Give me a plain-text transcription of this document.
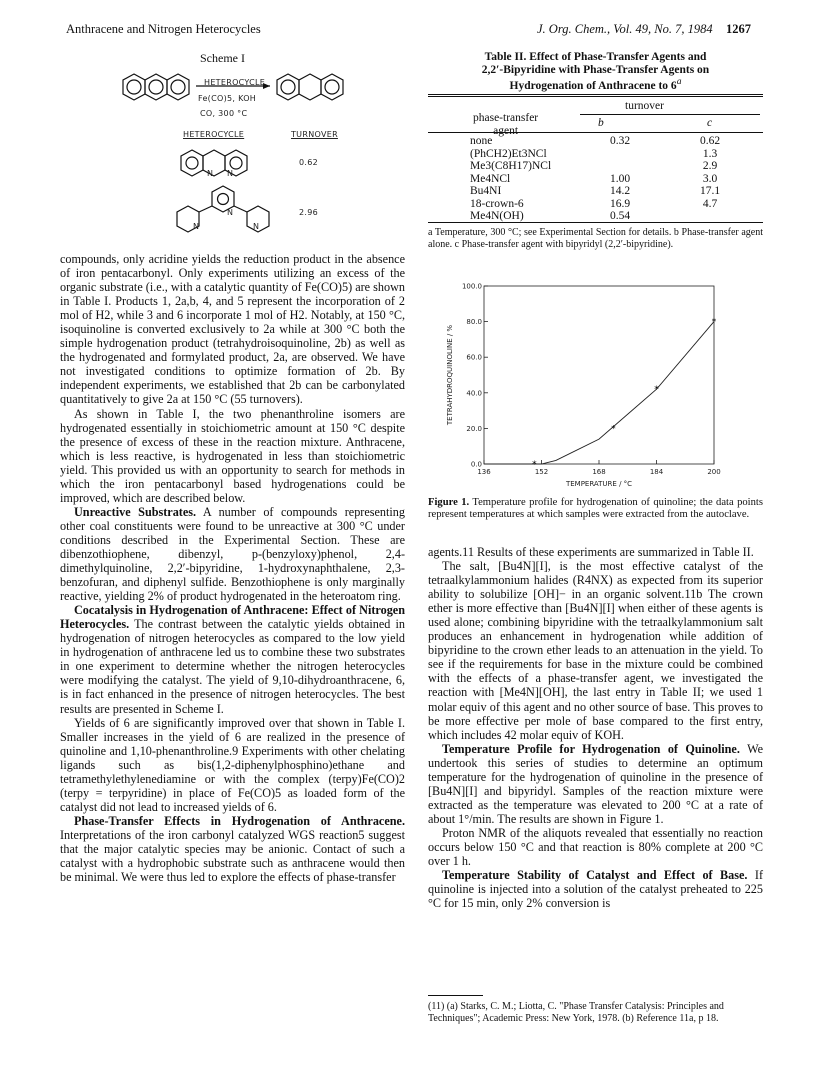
Anthracene and Nitrogen Heterocycles	J. Org. Chem., Vol. 49, No. 7, 1984 1267
Scheme I
HETEROCYCLE
Fe(CO)5, KOH
CO, 300 °C
HETEROCYCLE	TURNOVER
N N
0.62
N
N	N
2.96

compounds, only acridine yields the reduction product in the absence of iron pentacarbonyl. Only experiments utilizing an excess of the organic substrate (i.e., with a catalytic quantity of Fe(CO)5) are shown in Table I. Products 1, 2a,b, 4, and 5 represent the incorporation of 2 mol of H2, while 3 and 6 incorporate 1 mol of H2. Notably, at 150 °C, isoquinoline is converted exclusively to 2a while at 300 °C both the simple hydrogenation product (tetrahydroisoquinoline, 2b) as well as the hydrogenated and formylated product, 2a, are observed. We have not investigated conditions to optimize formation of 2b. By independent experiments, we established that 2b can be carbonylated quantitatively to give 2a at 150 °C (55 turnovers).

As shown in Table I, the two phenanthroline isomers are hydrogenated essentially in stoichiometric amount at 150 °C despite the presence of excess of these in the reaction mixture. Anthracene, which is less reactive, is hydrogenated in less than stoichiometric yield. This provided us with an opportunity to search for methods in which the iron pentacarbonyl based hydrogenations could be improved, which are described below.

Unreactive Substrates. A number of compounds representing other coal constituents were found to be unreactive at 300 °C under conditions described in the Experimental Section. These are dibenzothiophene, dibenzyl, p-(benzyloxy)phenol, 2,4-dimethylquinoline, 2,2′-bipyridine, 1-hydroxynaphthalene, 2,3-benzofuran, and diphenyl sulfide. Benzothiophene is only marginally reactive, yielding 2% of product hydrogenated in the heteroatom ring.

Cocatalysis in Hydrogenation of Anthracene: Effect of Nitrogen Heterocycles. The contrast between the catalytic yields obtained in hydrogenation of nitrogen heterocycles as compared to the low yield in hydrogenation of anthracene led us to combine these two substrates in one experiment to determine whether the nitrogen heterocycles were modifying the catalyst. The yield of 9,10-dihydroanthracene, 6, is in fact enhanced in the presence of nitrogen heterocycles. The best results are presented in Scheme I.

Yields of 6 are significantly improved over that shown in Table I. Smaller increases in the yield of 6 are realized in the presence of quinoline and 1,10-phenanthroline.9 Experiments with other chelating ligands such as bis(1,2-diphenylphosphino)ethane and tetramethylethylenediamine or with the complex (terpy)Fe(CO)2 (terpy = terpyridine) in place of Fe(CO)5 as loaded form of the catalyst did not lead to increased yields of 6.

Phase-Transfer Effects in Hydrogenation of Anthracene. Interpretations of the iron carbonyl catalyzed WGS reaction5 suggest that the major catalytic species may be anionic. Contact of such a catalyst with a hydrophobic substrate such as anthracene would then be minimal. We were thus led to explore the effects of phase-transfer

Table II. Effect of Phase-Transfer Agents and
2,2′-Bipyridine with Phase-Transfer Agents on
Hydrogenation of Anthracene to 6$^a$
phase-transfer
agent
turnover
b	c
none	0.32	0.62
(PhCH2)Et3NCl		1.3
Me3(C8H17)NCl		2.9
Me4NCl	1.00	3.0
Bu4NI	14.2	17.1
18-crown-6	16.9	4.7
Me4N(OH)	0.54	
a Temperature, 300 °C; see Experimental Section for details. b Phase-transfer agent alone. c Phase-transfer agent with bipyridyl (2,2′-bipyridine).
0.0
20.0
40.0
60.0
80.0
100.0
136	152	168	184	200
TEMPERATURE / °C
TETRAHYDROQUINOLINE / %
*
*
*
*
Figure 1. Temperature profile for hydrogenation of quinoline; the data points represent temperatures at which samples were extracted from the autoclave.

agents.11 Results of these experiments are summarized in Table II.

The salt, [Bu4N][I], is the most effective catalyst of the tetraalkylammonium halides (R4NX) as expected from its superior ability to solubilize [OH]− in an organic solvent.11b The crown ether is more effective than [Bu4N][I] when either of these agents is used alone; combining bipyridine with the tetraalkylammonium salt produces an enhancement in hydrogenation while addition of bipyridine to the crown ether leads to an attenuation in the yield. To see if the requirements for base in the mixture could be combined with the effects of a phase-transfer agent, we investigated the reaction with [Me4N][OH], the last entry in Table II; we used 1 molar equiv of this agent and no other source of base. This proves to be more effective per mole of base compared to the first entry, which includes 42 molar equiv of KOH.

Temperature Profile for Hydrogenation of Quinoline. We undertook this series of studies to determine an optimum temperature for the hydrogenation of quinoline in the presence of [Bu4N][I] and bipyridyl. Samples of the reaction mixture were extracted as the temperature was elevated to 200 °C at a rate of about 1°/min. The results are shown in Figure 1.

Proton NMR of the aliquots revealed that essentially no reaction occurs below 150 °C and that reaction is 80% complete at 200 °C over 1 h.

Temperature Stability of Catalyst and Effect of Base. If quinoline is injected into a solution of the catalyst preheated to 225 °C for 15 min, only 2% conversion is

(11) (a) Starks, C. M.; Liotta, C. "Phase Transfer Catalysis: Principles and Techniques"; Academic Press: New York, 1978. (b) Reference 11a, p 18.
